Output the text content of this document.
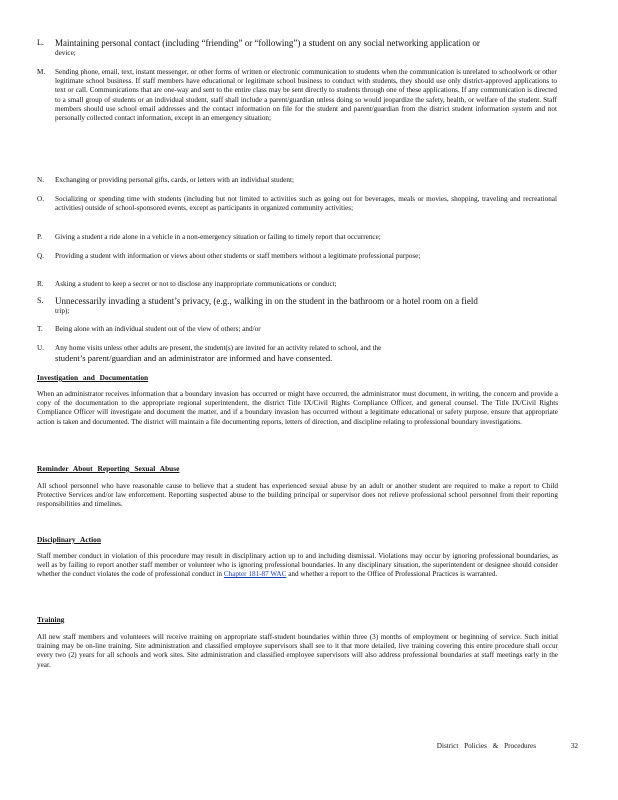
L. Maintaining personal contact (including “friending” or “following”) a student on any social networking application or
device;
M. Sending phone, email, text, instant messenger, or other forms of written or electronic communication to students when the communication is unrelated to schoolwork or other legitimate school business. If staff members have educational or legitimate school business to conduct with students, they should use only district-approved applications to text or call. Communications that are one-way and sent to the entire class may be sent directly to students through one of these applications. If any communication is directed to a small group of students or an individual student, staff shall include a parent/guardian unless doing so would jeopardize the safety, health, or welfare of the student. Staff members should use school email addresses and the contact information on file for the student and parent/guardian from the district student information system and not personally collected contact information, except in an emergency situation;
N. Exchanging or providing personal gifts, cards, or letters with an individual student;
O. Socializing or spending time with students (including but not limited to activities such as going out for beverages, meals or movies, shopping, traveling and recreational activities) outside of school-sponsored events, except as participants in organized community activities;
P. Giving a student a ride alone in a vehicle in a non-emergency situation or failing to timely report that occurrence;
Q. Providing a student with information or views about other students or staff members without a legitimate professional purpose;
R. Asking a student to keep a secret or not to disclose any inappropriate communications or conduct;
S. Unnecessarily invading a student’s privacy, (e.g., walking in on the student in the bathroom or a hotel room on a field
trip);
T. Being alone with an individual student out of the view of others; and/or
U. Any home visits unless other adults are present, the student(s) are invited for an activity related to school, and the
student’s parent/guardian and an administrator are informed and have consented.
Investigation and Documentation
When an administrator receives information that a boundary invasion has occurred or might have occurred, the administrator must document, in writing, the concern and provide a copy of the documentation to the appropriate regional superintendent, the district Title IX/Civil Rights Compliance Officer, and general counsel. The Title IX/Civil Rights Compliance Officer will investigate and document the matter, and if a boundary invasion has occurred without a legitimate educational or safety purpose, ensure that appropriate action is taken and documented. The district will maintain a file documenting reports, letters of direction, and discipline relating to professional boundary investigations.
Reminder About Reporting Sexual Abuse
All school personnel who have reasonable cause to believe that a student has experienced sexual abuse by an adult or another student are required to make a report to Child Protective Services and/or law enforcement. Reporting suspected abuse to the building principal or supervisor does not relieve professional school personnel from their reporting responsibilities and timelines.
Disciplinary Action
Staff member conduct in violation of this procedure may result in disciplinary action up to and including dismissal. Violations may occur by ignoring professional boundaries, as well as by failing to report another staff member or volunteer who is ignoring professional boundaries. In any disciplinary situation, the superintendent or designee should consider whether the conduct violates the code of professional conduct in Chapter 181-87 WAC and whether a report to the Office of Professional Practices is warranted.
Training
All new staff members and volunteers will receive training on appropriate staff-student boundaries within three (3) months of employment or beginning of service. Such initial training may be on-line training. Site administration and classified employee supervisors shall see to it that more detailed, live training covering this entire procedure shall occur every two (2) years for all schools and work sites. Site administration and classified employee supervisors will also address professional boundaries at staff meetings early in the year.
District Policies & Procedures	32
